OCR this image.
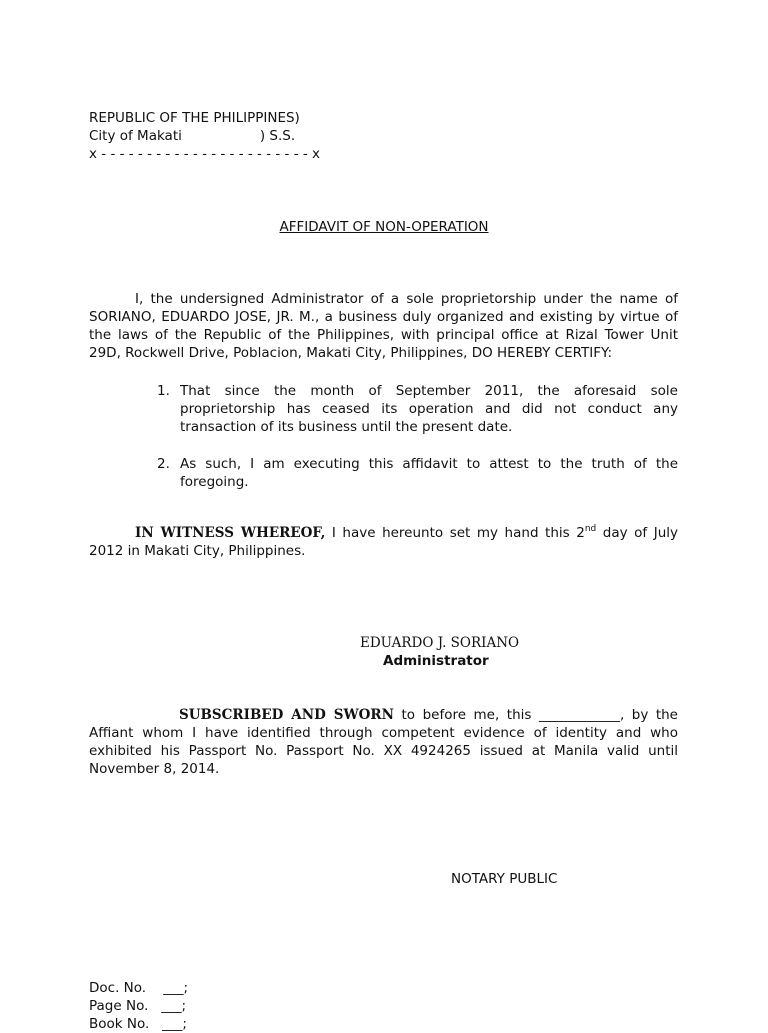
REPUBLIC OF THE PHILIPPINES)
City of Makati	) S.S.
x - - - - - - - - - - - - - - - - - - - - - - - x
AFFIDAVIT OF NON-OPERATION
I, the undersigned Administrator of a sole proprietorship under the name of SORIANO, EDUARDO JOSE, JR. M., a business duly organized and existing by virtue of the laws of the Republic of the Philippines, with principal office at Rizal Tower Unit 29D, Rockwell Drive, Poblacion, Makati City, Philippines, DO HEREBY CERTIFY:
1. That since the month of September 2011, the aforesaid sole proprietorship has ceased its operation and did not conduct any transaction of its business until the present date.
2. As such, I am executing this affidavit to attest to the truth of the foregoing.
IN WITNESS WHEREOF, I have hereunto set my hand this 2nd day of July 2012 in Makati City, Philippines.
EDUARDO J. SORIANO
Administrator
SUBSCRIBED AND SWORN to before me, this ____________, by the Affiant whom I have identified through competent evidence of identity and who exhibited his Passport No. Passport No. XX 4924265 issued at Manila valid until November 8, 2014.
NOTARY PUBLIC
Doc. No.    ___;
Page No.   ___;
Book No.   ___;
